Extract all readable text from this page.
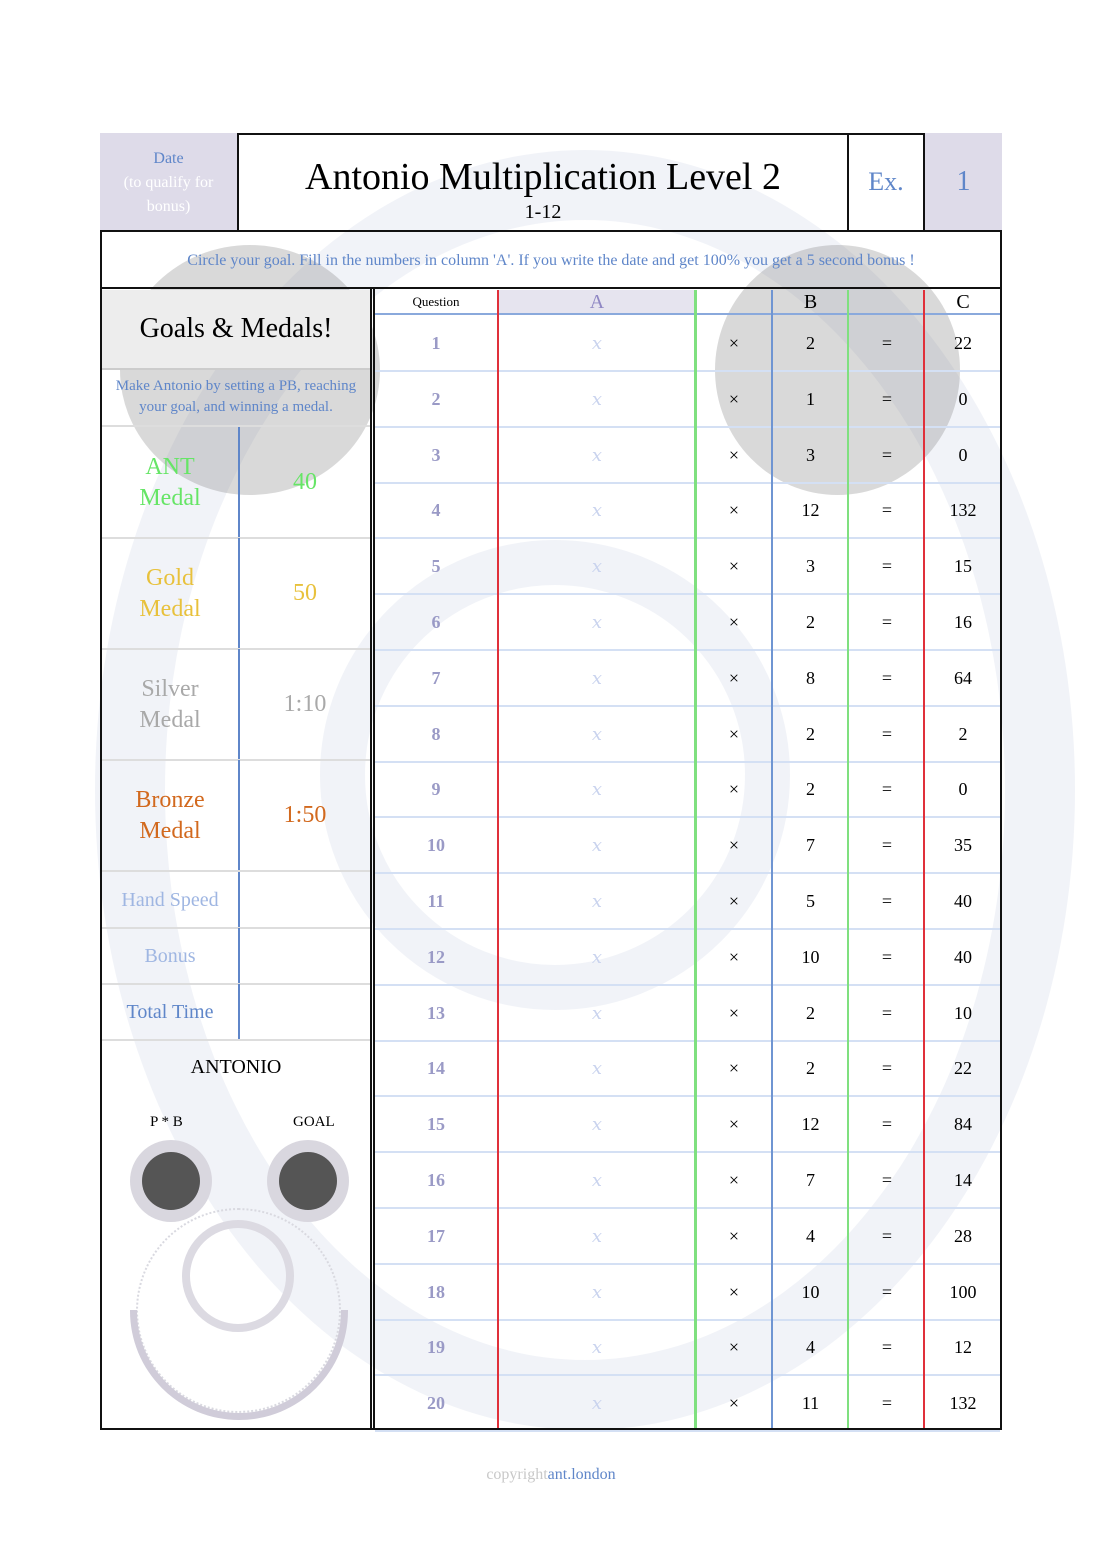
Date
(to qualify for bonus)
Antonio Multiplication Level 2
1-12
Ex.	1
Circle your goal. Fill in the numbers in column 'A'. If you write the date and get 100% you get a 5 second bonus !
Goals & Medals!
Make Antonio by setting a PB, reaching your goal, and winning a medal.
ANT
Medal
40
Gold
Medal
50
Silver
Medal
1:10
Bronze
Medal
1:50
Hand Speed
Bonus
Total Time
ANTONIO
P * B	GOAL
Question	A	B	C
1	x	×	2	=	22
2	x	×	1	=	0
3	x	×	3	=	0
4	x	×	12	=	132
5	x	×	3	=	15
6	x	×	2	=	16
7	x	×	8	=	64
8	x	×	2	=	2
9	x	×	2	=	0
10	x	×	7	=	35
11	x	×	5	=	40
12	x	×	10	=	40
13	x	×	2	=	10
14	x	×	2	=	22
15	x	×	12	=	84
16	x	×	7	=	14
17	x	×	4	=	28
18	x	×	10	=	100
19	x	×	4	=	12
20	x	×	11	=	132
copyrightant.london
